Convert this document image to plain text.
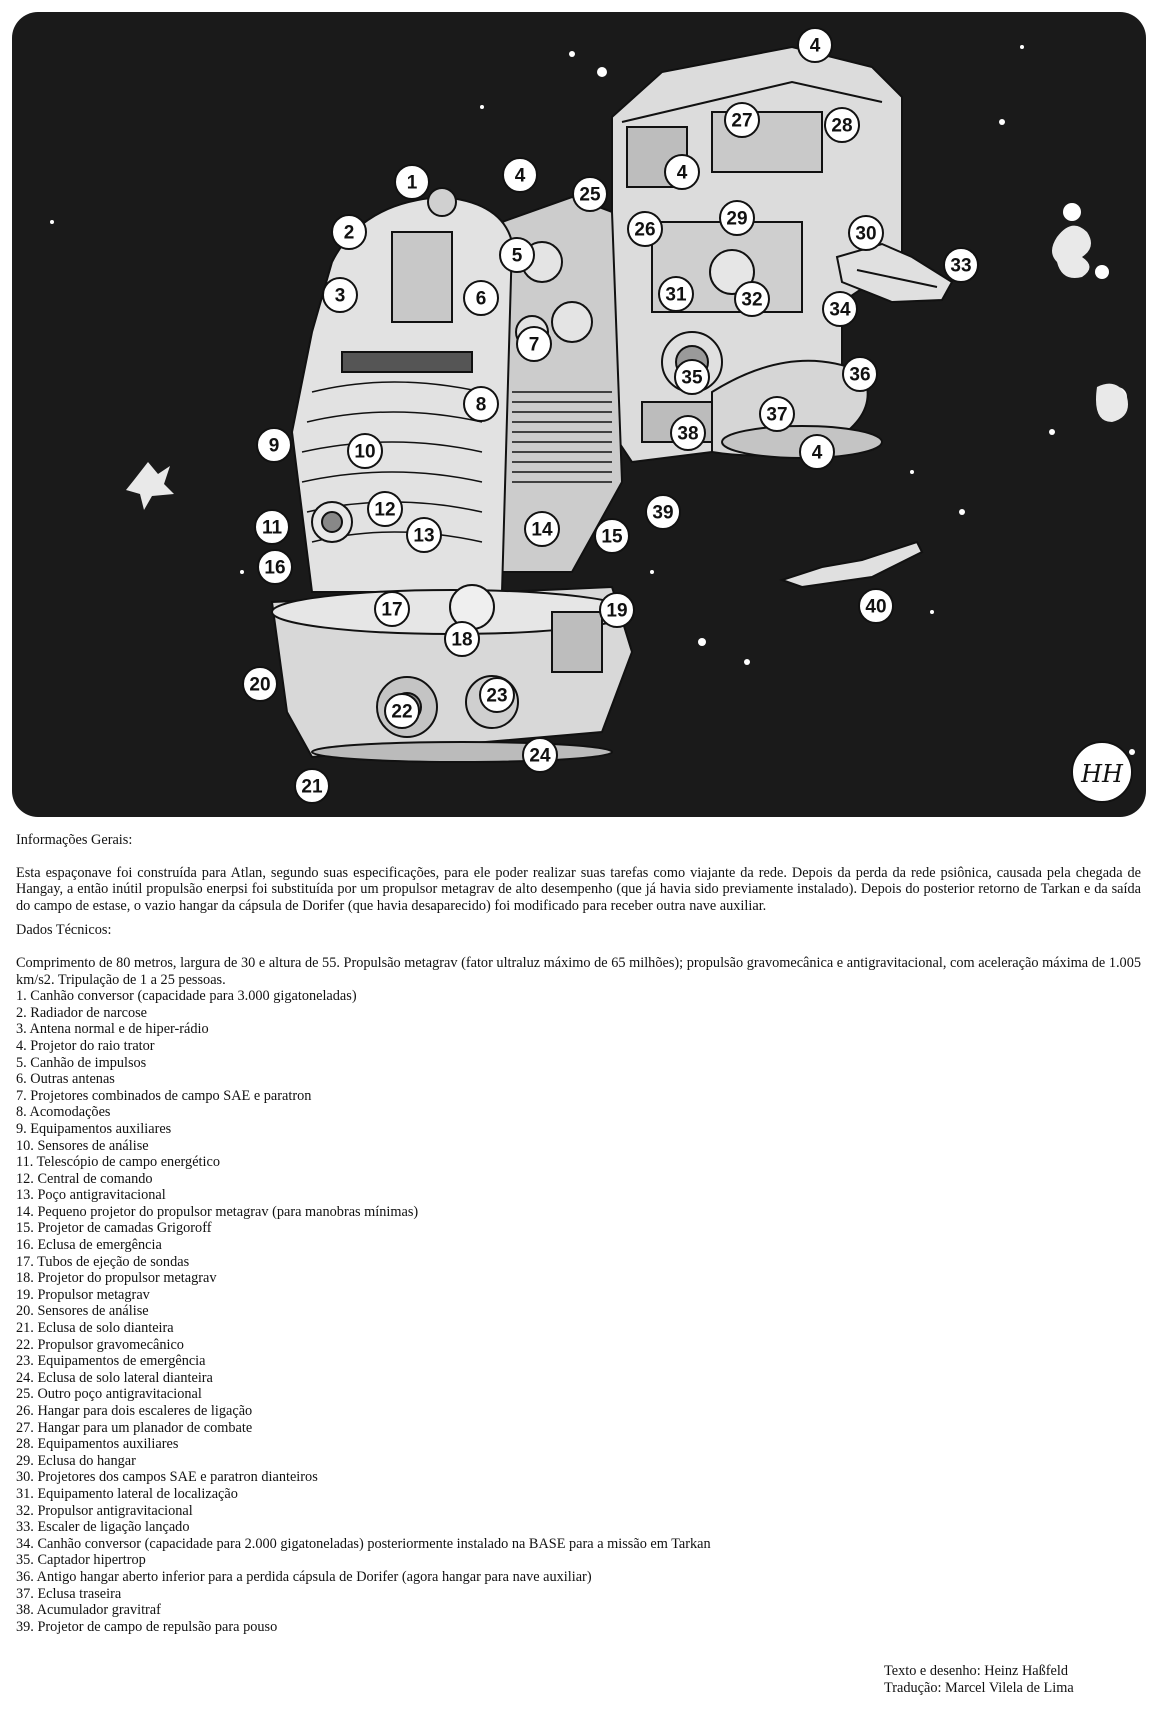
HH
1
2
3
4
4	4
4
5
6
7
8
9	10
11
12
13	14	15
16
17
18
19
20
21
22
23
24
25
26
27	28
29
30
31	32
33
34
35	36
37
38
39
40

Informações Gerais:

Esta espaçonave foi construída para Atlan, segundo suas especificações, para ele poder realizar suas tarefas como viajante da rede. Depois da perda da rede psiônica, causada pela chegada de Hangay, a então inútil propulsão enerpsi foi substituída por um propulsor metagrav de alto desempenho (que já havia sido previamente instalado). Depois do posterior retorno de Tarkan e da saída do campo de estase, o vazio hangar da cápsula de Dorifer (que havia desaparecido) foi modificado para receber outra nave auxiliar.

Dados Técnicos:

Comprimento de 80 metros, largura de 30 e altura de 55. Propulsão metagrav (fator ultraluz máximo de 65 milhões); propulsão gravomecânica e antigravitacional, com aceleração máxima de 1.005 km/s2. Tripulação de 1 a 25 pessoas.

1. Canhão conversor (capacidade para 3.000 gigatoneladas)
2. Radiador de narcose
3. Antena normal e de hiper-rádio
4. Projetor do raio trator
5. Canhão de impulsos
6. Outras antenas
7. Projetores combinados de campo SAE e paratron
8. Acomodações
9. Equipamentos auxiliares
10. Sensores de análise
11. Telescópio de campo energético
12. Central de comando
13. Poço antigravitacional
14. Pequeno projetor do propulsor metagrav (para manobras mínimas)
15. Projetor de camadas Grigoroff
16. Eclusa de emergência
17. Tubos de ejeção de sondas
18. Projetor do propulsor metagrav
19. Propulsor metagrav
20. Sensores de análise
21. Eclusa de solo dianteira
22. Propulsor gravomecânico
23. Equipamentos de emergência
24. Eclusa de solo lateral dianteira
25. Outro poço antigravitacional
26. Hangar para dois escaleres de ligação
27. Hangar para um planador de combate
28. Equipamentos auxiliares
29. Eclusa do hangar
30. Projetores dos campos SAE e paratron dianteiros
31. Equipamento lateral de localização
32. Propulsor antigravitacional
33. Escaler de ligação lançado
34. Canhão conversor (capacidade para 2.000 gigatoneladas) posteriormente instalado na BASE para a missão em Tarkan
35. Captador hipertrop
36. Antigo hangar aberto inferior para a perdida cápsula de Dorifer (agora hangar para nave auxiliar)
37. Eclusa traseira
38. Acumulador gravitraf
39. Projetor de campo de repulsão para pouso
Texto e desenho: Heinz Haßfeld
Tradução: Marcel Vilela de Lima
